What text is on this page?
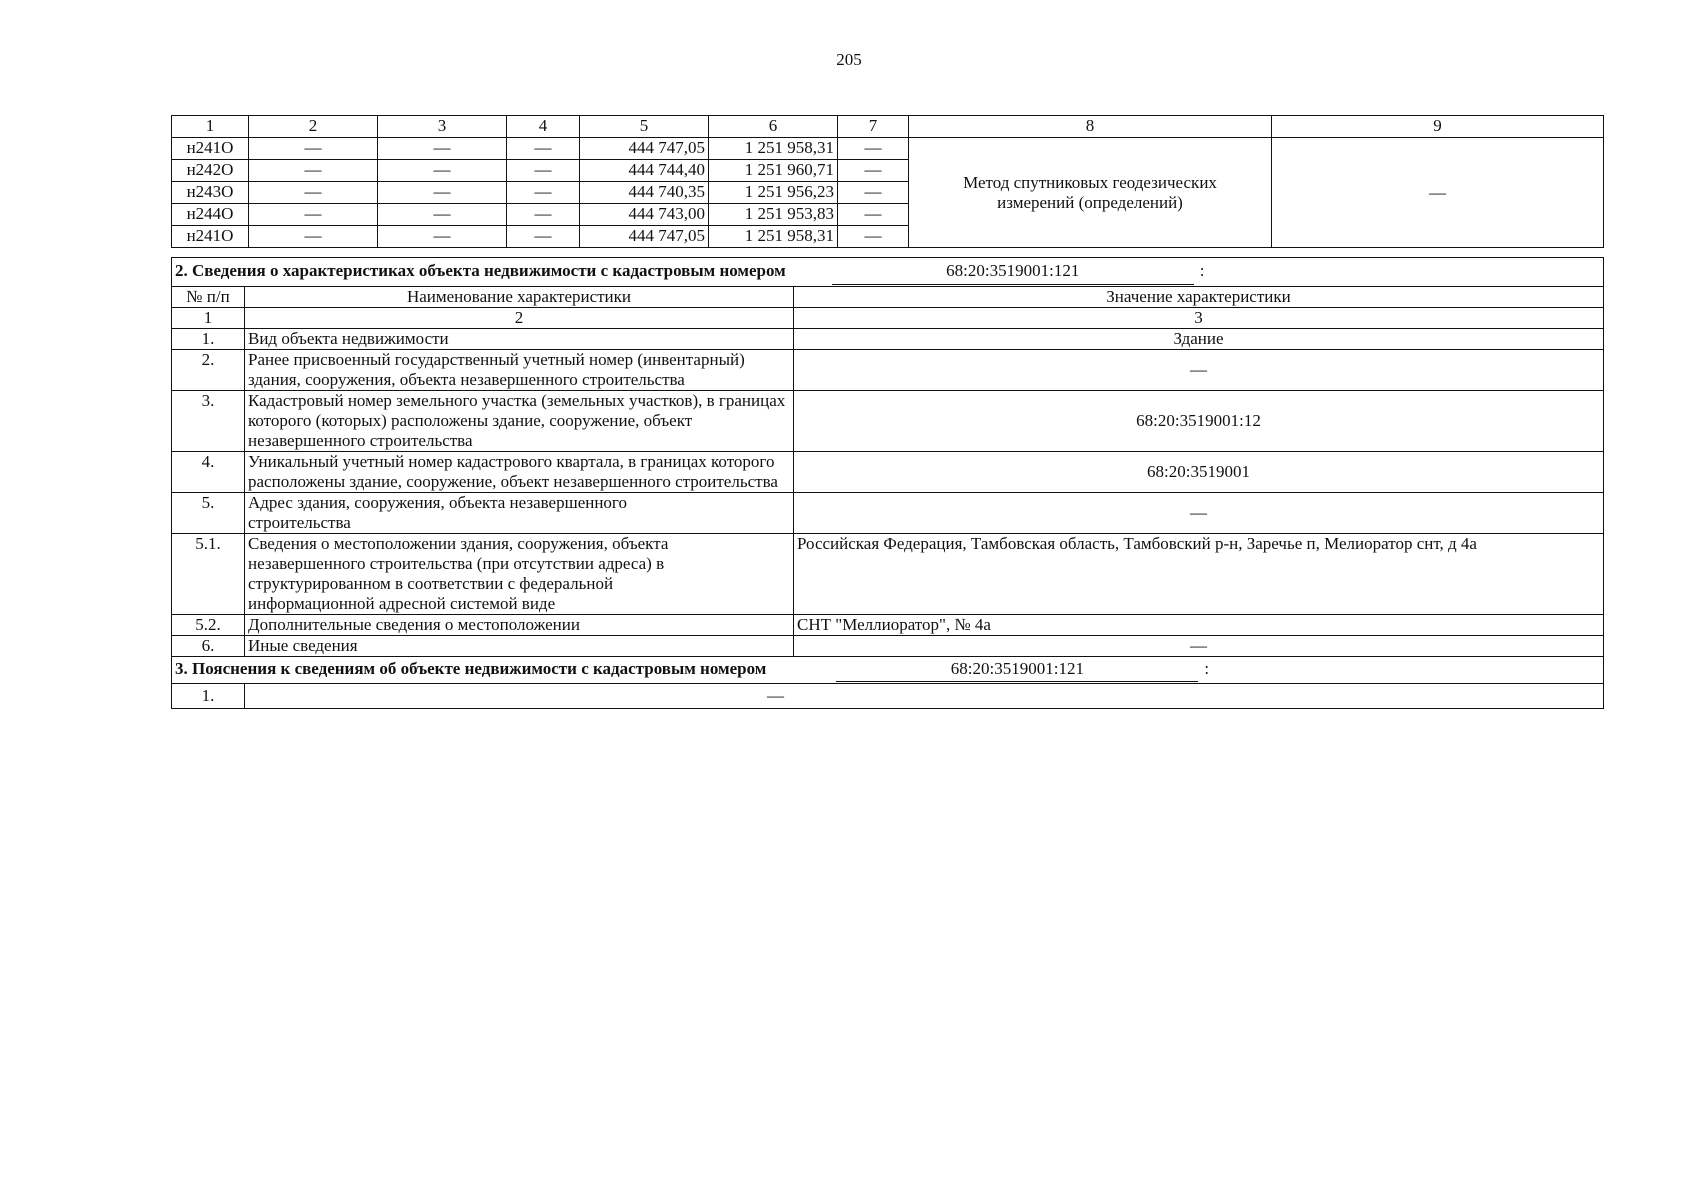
205
1	2	3	4	5	6	7	8	9
н241О	—	—	—	444 747,05	1 251 958,31	—	Метод спутниковых геодезических измерений (определений)	—
н242О	—	—	—	444 744,40	1 251 960,71	—		
н243О	—	—	—	444 740,35	1 251 956,23	—		
н244О	—	—	—	444 743,00	1 251 953,83	—		
н241О	—	—	—	444 747,05	1 251 958,31	—		
2. Сведения о характеристиках объекта недвижимости с кадастровым номером 68:20:3519001:121 :		
№ п/п	Наименование характеристики	Значение характеристики
1	2	3
1.	Вид объекта недвижимости	Здание
2.	Ранее присвоенный государственный учетный номер (инвентарный) здания, сооружения, объекта незавершенного строительства	—
3.	Кадастровый номер земельного участка (земельных участков), в границах которого (которых) расположены здание, сооружение, объект незавершенного строительства	68:20:3519001:12
4.	Уникальный учетный номер кадастрового квартала, в границах которого расположены здание, сооружение, объект незавершенного строительства	68:20:3519001
5.	Адрес здания, сооружения, объекта незавершенного строительства	—
5.1.	Сведения о местоположении здания, сооружения, объекта незавершенного строительства (при отсутствии адреса) в структурированном в соответствии с федеральной информационной адресной системой виде	Российская Федерация, Тамбовская область, Тамбовский р-н, Заречье п, Мелиоратор снт, д 4а
5.2.	Дополнительные сведения о местоположении	СНТ "Меллиоратор", № 4а
6.	Иные сведения	—
3. Пояснения к сведениям об объекте недвижимости с кадастровым номером 68:20:3519001:121 :		
1.	—	
